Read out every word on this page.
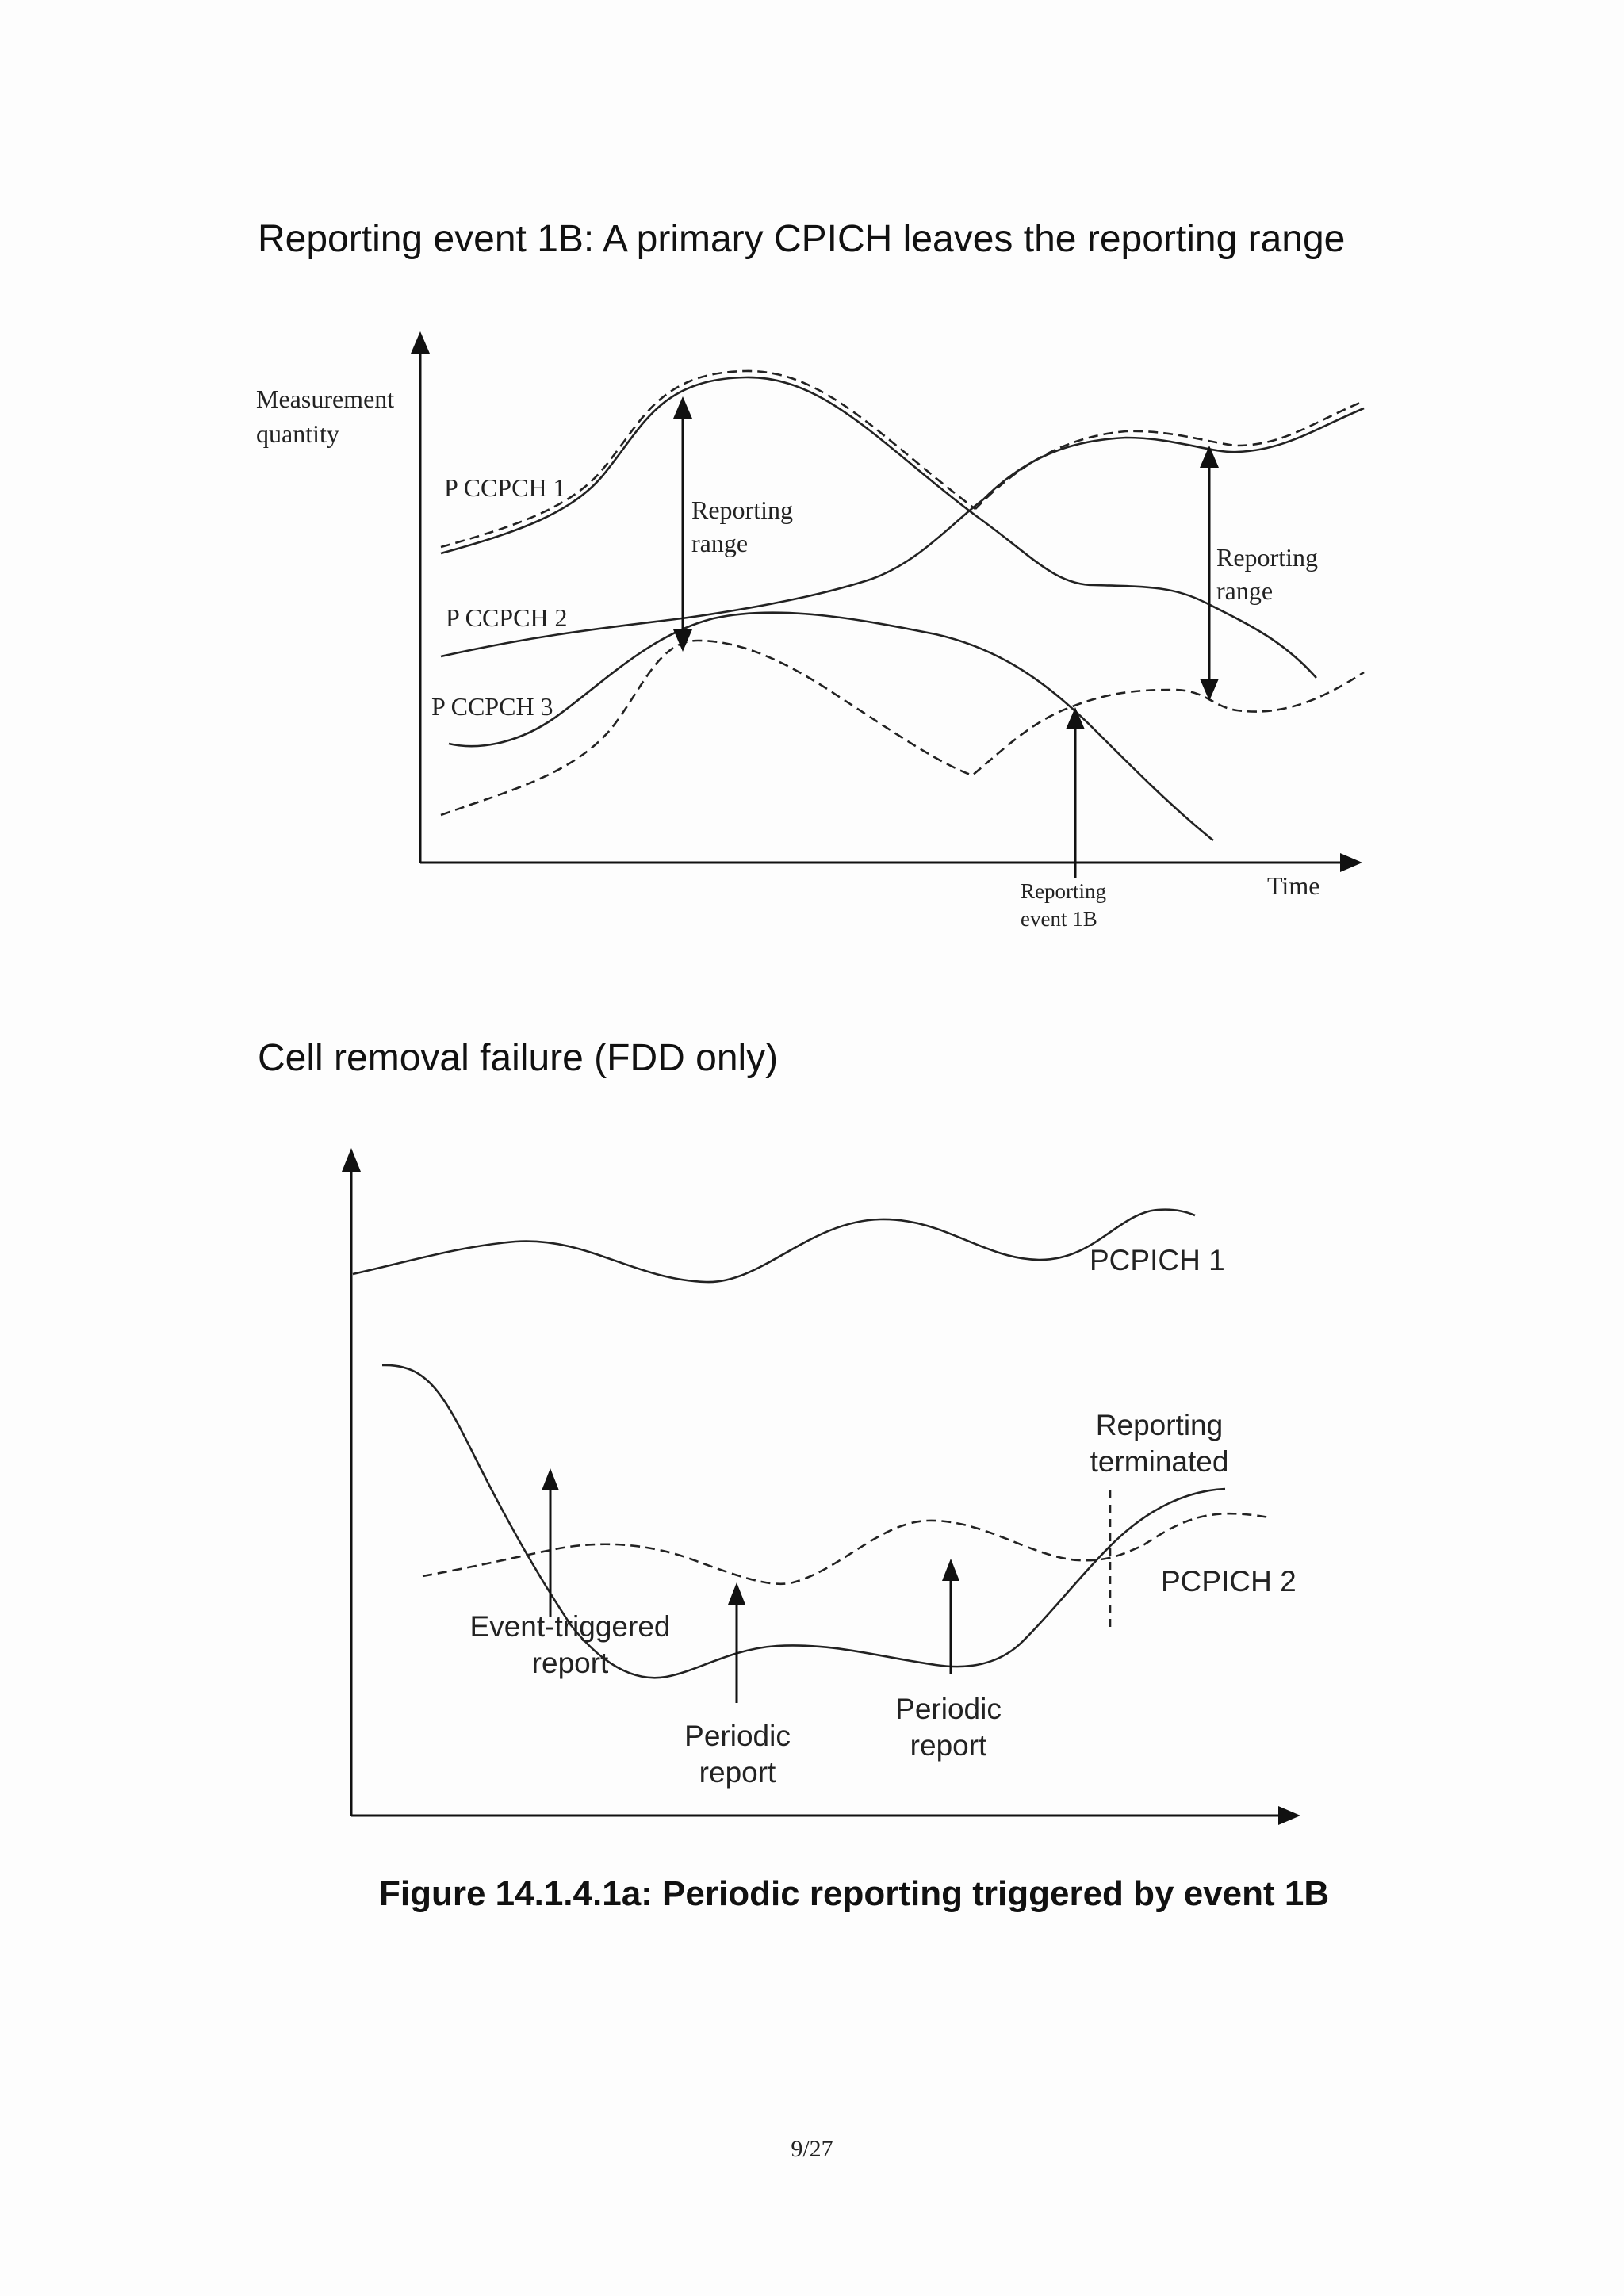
Reporting event 1B: A primary CPICH leaves the reporting range
Measurement
quantity
P CCPCH 1
P CCPCH 2
P CCPCH 3
Reporting
range	Reporting
range
Reporting
event 1B
Time
Cell removal failure (FDD only)
PCPICH 1
PCPICH 2
Reporting
terminated
Event-triggered
report
Periodic
report
Periodic
report
Figure 14.1.4.1a: Periodic reporting triggered by event 1B
9/27
